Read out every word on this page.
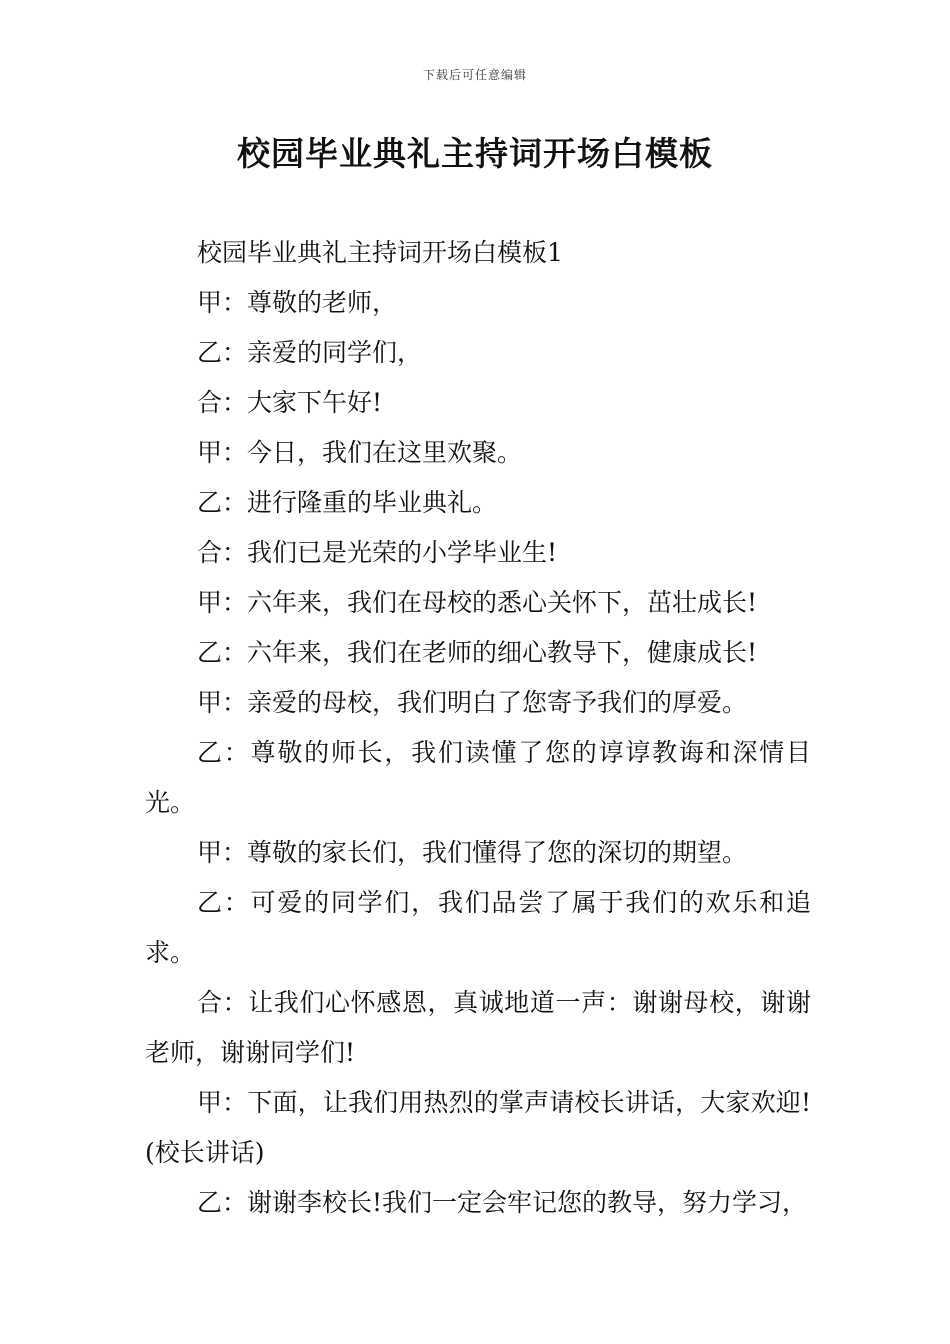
下载后可任意编辑
校园毕业典礼主持词开场白模板

校园毕业典礼主持词开场白模板1

甲：尊敬的老师，

乙：亲爱的同学们，

合：大家下午好!

甲：今日，我们在这里欢聚。

乙：进行隆重的毕业典礼。

合：我们已是光荣的小学毕业生!

甲：六年来，我们在母校的悉心关怀下，茁壮成长!

乙：六年来，我们在老师的细心教导下，健康成长!

甲：亲爱的母校，我们明白了您寄予我们的厚爱。

乙：尊敬的师长，我们读懂了您的谆谆教诲和深情目光。

甲：尊敬的家长们，我们懂得了您的深切的期望。

乙：可爱的同学们，我们品尝了属于我们的欢乐和追求。

合：让我们心怀感恩，真诚地道一声：谢谢母校，谢谢老师，谢谢同学们!

甲：下面，让我们用热烈的掌声请校长讲话，大家欢迎!(校长讲话)

乙：谢谢李校长!我们一定会牢记您的教导，努力学习，
